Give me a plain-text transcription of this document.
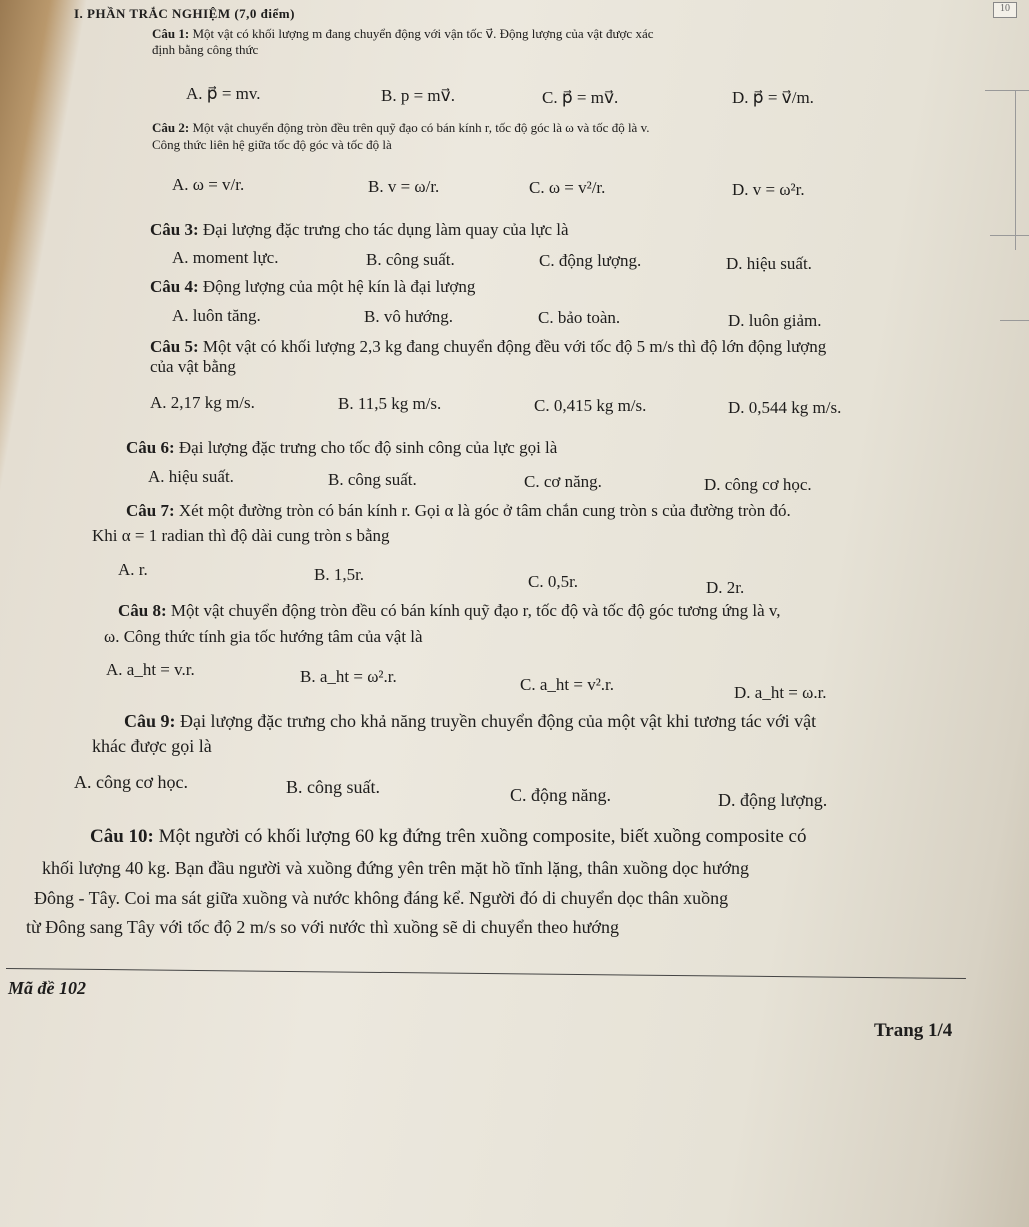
I. PHẦN TRẮC NGHIỆM (7,0 điểm)
Câu 1: Một vật có khối lượng m đang chuyển động với vận tốc v⃗. Động lượng của vật được xác
định bằng công thức
A. p⃗ = mv.	B. p = mv⃗.	C. p⃗ = mv⃗.	D. p⃗ = v⃗/m.
Câu 2: Một vật chuyển động tròn đều trên quỹ đạo có bán kính r, tốc độ góc là ω và tốc độ là v.
Công thức liên hệ giữa tốc độ góc và tốc độ là
A. ω = v/r.	B. v = ω/r.	C. ω = v²/r.	D. v = ω²r.
Câu 3: Đại lượng đặc trưng cho tác dụng làm quay của lực là
A. moment lực.	B. công suất.	C. động lượng.	D. hiệu suất.
Câu 4: Động lượng của một hệ kín là đại lượng
A. luôn tăng.	B. vô hướng.	C. bảo toàn.	D. luôn giảm.
Câu 5: Một vật có khối lượng 2,3 kg đang chuyển động đều với tốc độ 5 m/s thì độ lớn động lượng
của vật bằng
A. 2,17 kg m/s.	B. 11,5 kg m/s.	C. 0,415 kg m/s.	D. 0,544 kg m/s.
Câu 6: Đại lượng đặc trưng cho tốc độ sinh công của lực gọi là
A. hiệu suất.	B. công suất.	C. cơ năng.	D. công cơ học.
Câu 7: Xét một đường tròn có bán kính r. Gọi α là góc ở tâm chắn cung tròn s của đường tròn đó.
Khi α = 1 radian thì độ dài cung tròn s bằng
A. r.	B. 1,5r.	C. 0,5r.	D. 2r.
Câu 8: Một vật chuyển động tròn đều có bán kính quỹ đạo r, tốc độ và tốc độ góc tương ứng là v,
ω. Công thức tính gia tốc hướng tâm của vật là
A. a_ht = v.r.	B. a_ht = ω².r.	C. a_ht = v².r.	D. a_ht = ω.r.
Câu 9: Đại lượng đặc trưng cho khả năng truyền chuyển động của một vật khi tương tác với vật
khác được gọi là
A. công cơ học.	B. công suất.	C. động năng.	D. động lượng.
Câu 10: Một người có khối lượng 60 kg đứng trên xuồng composite, biết xuồng composite có
khối lượng 40 kg. Bạn đầu người và xuồng đứng yên trên mặt hồ tĩnh lặng, thân xuồng dọc hướng
Đông - Tây. Coi ma sát giữa xuồng và nước không đáng kể. Người đó di chuyển dọc thân xuồng
từ Đông sang Tây với tốc độ 2 m/s so với nước thì xuồng sẽ di chuyển theo hướng
Mã đề 102
Trang 1/4
10
